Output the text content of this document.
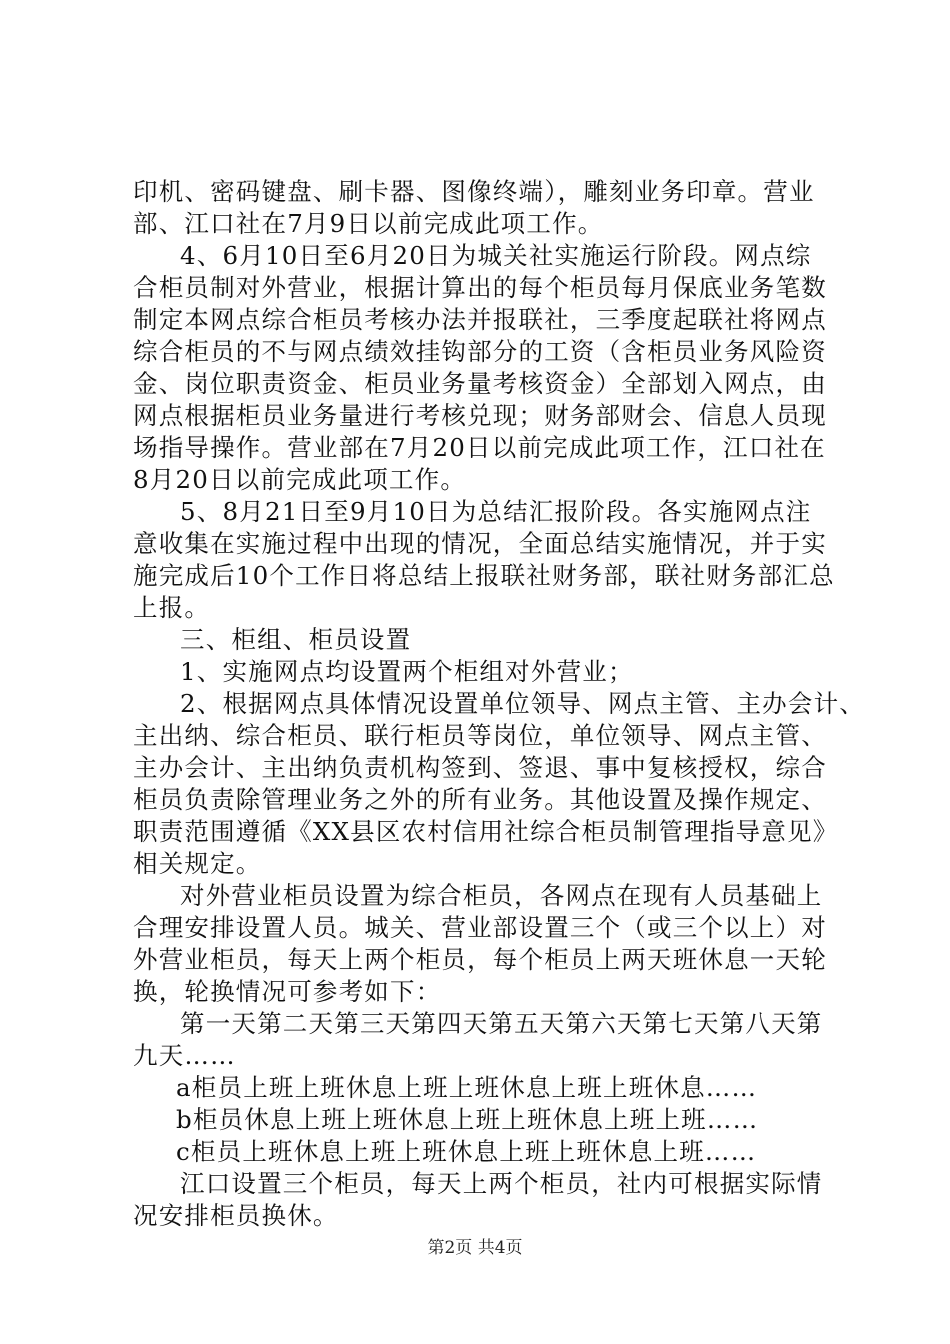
印机、密码键盘、刷卡器、图像终端），雕刻业务印章。营业
部、江口社在7月9日以前完成此项工作。
4、6月10日至6月20日为城关社实施运行阶段。网点综
合柜员制对外营业，根据计算出的每个柜员每月保底业务笔数
制定本网点综合柜员考核办法并报联社，三季度起联社将网点
综合柜员的不与网点绩效挂钩部分的工资（含柜员业务风险资
金、岗位职责资金、柜员业务量考核资金）全部划入网点，由
网点根据柜员业务量进行考核兑现；财务部财会、信息人员现
场指导操作。营业部在7月20日以前完成此项工作，江口社在
8月20日以前完成此项工作。
5、8月21日至9月10日为总结汇报阶段。各实施网点注
意收集在实施过程中出现的情况，全面总结实施情况，并于实
施完成后10个工作日将总结上报联社财务部，联社财务部汇总
上报。
三、柜组、柜员设置
1、实施网点均设置两个柜组对外营业；
2、根据网点具体情况设置单位领导、网点主管、主办会计、
主出纳、综合柜员、联行柜员等岗位，单位领导、网点主管、
主办会计、主出纳负责机构签到、签退、事中复核授权，综合
柜员负责除管理业务之外的所有业务。其他设置及操作规定、
职责范围遵循《XX县区农村信用社综合柜员制管理指导意见》
相关规定。
对外营业柜员设置为综合柜员，各网点在现有人员基础上
合理安排设置人员。城关、营业部设置三个（或三个以上）对
外营业柜员，每天上两个柜员，每个柜员上两天班休息一天轮
换，轮换情况可参考如下：
第一天第二天第三天第四天第五天第六天第七天第八天第
九天……
a柜员上班上班休息上班上班休息上班上班休息……
b柜员休息上班上班休息上班上班休息上班上班……
c柜员上班休息上班上班休息上班上班休息上班……
江口设置三个柜员，每天上两个柜员，社内可根据实际情
况安排柜员换休。
第2页 共4页
